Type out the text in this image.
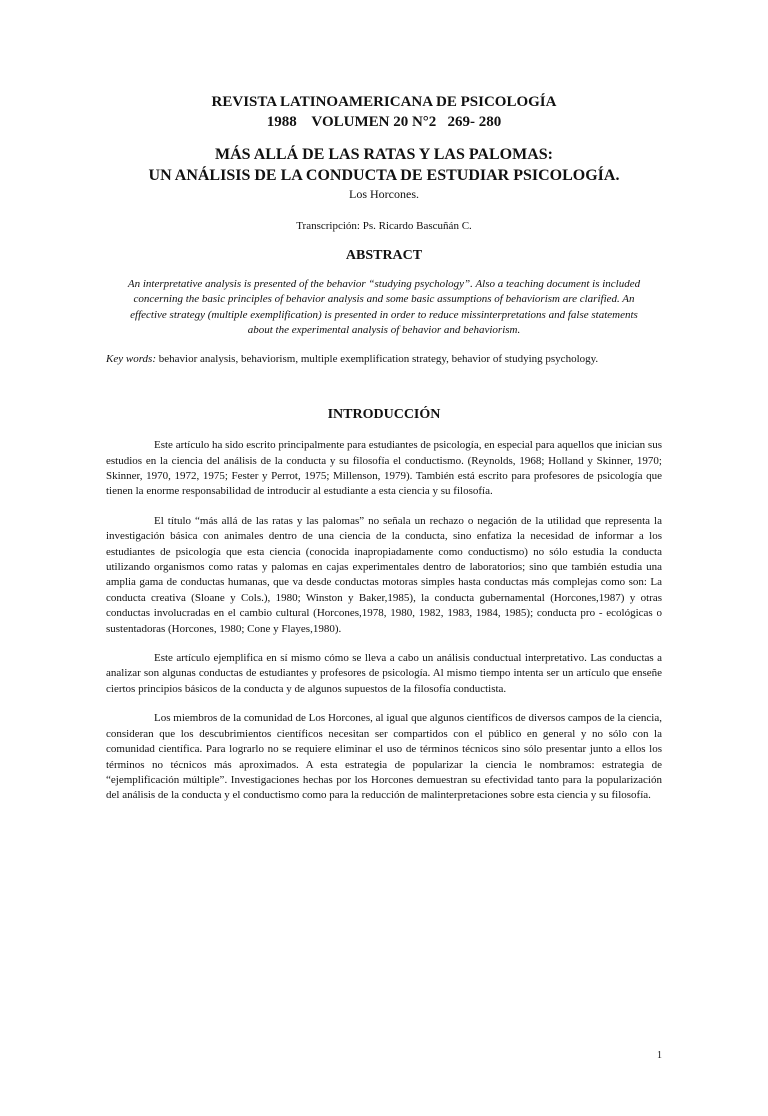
REVISTA LATINOAMERICANA DE PSICOLOGÍA
1988    VOLUMEN 20 N°2   269- 280
MÁS ALLÁ DE LAS RATAS Y LAS PALOMAS:
UN ANÁLISIS DE LA CONDUCTA DE ESTUDIAR PSICOLOGÍA.
Los Horcones.
Transcripción: Ps. Ricardo Bascuñán C.
ABSTRACT
An interpretative analysis is presented of the behavior “studying psychology”. Also a teaching document is included concerning the basic principles of behavior analysis and some basic assumptions of behaviorism are clarified. An effective strategy (multiple exemplification) is presented in order to reduce missinterpretations and false statements about the experimental analysis of behavior and behaviorism.
Key words: behavior analysis, behaviorism, multiple exemplification strategy, behavior of studying psychology.
INTRODUCCIÓN

Este artículo ha sido escrito principalmente para estudiantes de psicología, en especial para aquellos que inician sus estudios en la ciencia del análisis de la conducta y su filosofía el conductismo. (Reynolds, 1968; Holland y Skinner, 1970; Skinner, 1970, 1972, 1975; Fester y Perrot, 1975; Millenson, 1979). También está escrito para profesores de psicología que tienen la enorme responsabilidad de introducir al estudiante a esta ciencia y su filosofía.

El título “más allá de las ratas y las palomas” no señala un rechazo o negación de la utilidad que representa la investigación básica con animales dentro de una ciencia de la conducta, sino enfatiza la necesidad de informar a los estudiantes de psicología que esta ciencia (conocida inapropiadamente como conductismo) no sólo estudia la conducta utilizando organismos como ratas y palomas en cajas experimentales dentro de laboratorios; sino que también estudia una amplia gama de conductas humanas, que va desde conductas motoras simples hasta conductas más complejas como son: La conducta creativa (Sloane y Cols.), 1980; Winston y Baker,1985), la conducta gubernamental (Horcones,1987) y otras conductas involucradas en el cambio cultural (Horcones,1978, 1980, 1982, 1983, 1984, 1985); conducta pro - ecológicas o sustentadoras (Horcones, 1980; Cone y Flayes,1980).

Este artículo ejemplifica en sí mismo cómo se lleva a cabo un análisis conductual interpretativo. Las conductas a analizar son algunas conductas de estudiantes y profesores de psicología. Al mismo tiempo intenta ser un artículo que enseñe ciertos principios básicos de la conducta y de algunos supuestos de la filosofía conductista.

Los miembros de la comunidad de Los Horcones, al igual que algunos científicos de diversos campos de la ciencia, consideran que los descubrimientos científicos necesitan ser compartidos con el público en general y no sólo con la comunidad científica. Para lograrlo no se requiere eliminar el uso de términos técnicos sino sólo presentar junto a ellos los términos no técnicos más aproximados. A esta estrategia de popularizar la ciencia le nombramos: estrategia de “ejemplificación múltiple”. Investigaciones hechas por los Horcones demuestran su efectividad tanto para la popularización del análisis de la conducta y el conductismo como para la reducción de malinterpretaciones sobre esta ciencia y su filosofía.

1
